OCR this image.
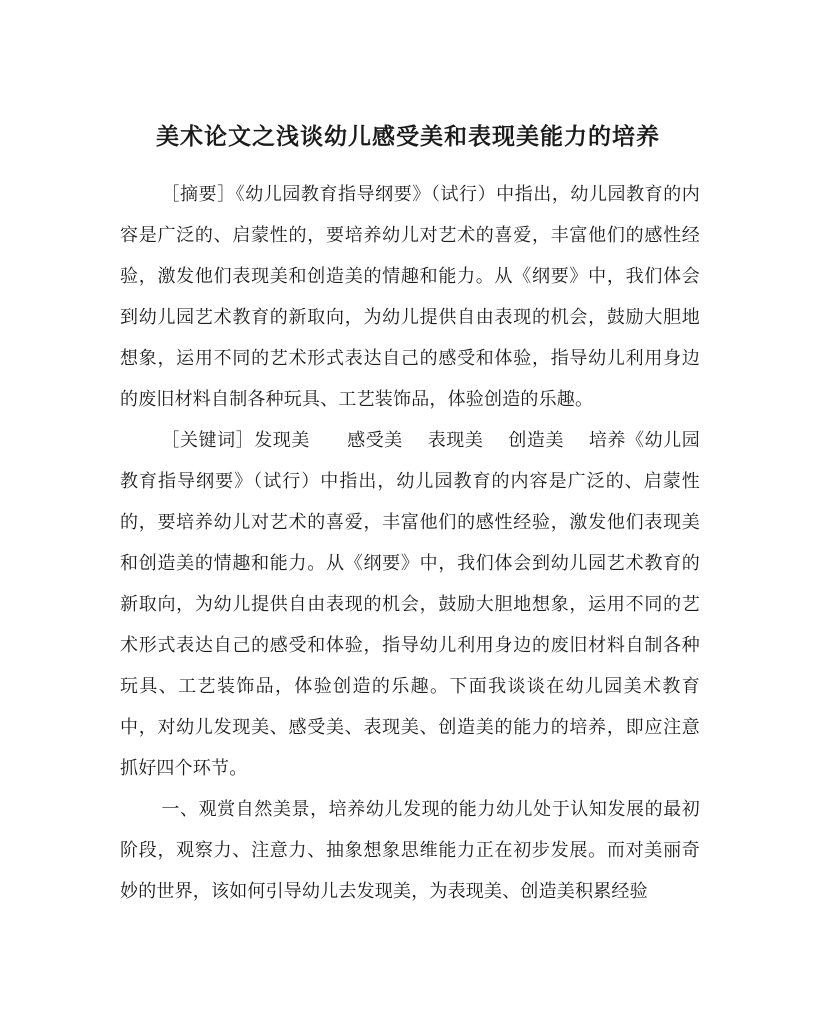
美术论文之浅谈幼儿感受美和表现美能力的培养

［摘要］《幼儿园教育指导纲要》（试行）中指出，幼儿园教育的内容是广泛的、启蒙性的，要培养幼儿对艺术的喜爱，丰富他们的感性经验，激发他们表现美和创造美的情趣和能力。从《纲要》中，我们体会到幼儿园艺术教育的新取向，为幼儿提供自由表现的机会，鼓励大胆地想象，运用不同的艺术形式表达自己的感受和体验，指导幼儿利用身边的废旧材料自制各种玩具、工艺装饰品，体验创造的乐趣。

［关键词］发现美　　感受美　 表现美　 创造美　 培养《幼儿园教育指导纲要》（试行）中指出，幼儿园教育的内容是广泛的、启蒙性的，要培养幼儿对艺术的喜爱，丰富他们的感性经验，激发他们表现美和创造美的情趣和能力。从《纲要》中，我们体会到幼儿园艺术教育的新取向，为幼儿提供自由表现的机会，鼓励大胆地想象，运用不同的艺术形式表达自己的感受和体验，指导幼儿利用身边的废旧材料自制各种玩具、工艺装饰品，体验创造的乐趣。下面我谈谈在幼儿园美术教育中，对幼儿发现美、感受美、表现美、创造美的能力的培养，即应注意抓好四个环节。

一、观赏自然美景，培养幼儿发现的能力幼儿处于认知发展的最初阶段，观察力、注意力、抽象想象思维能力正在初步发展。而对美丽奇妙的世界，该如何引导幼儿去发现美，为表现美、创造美积累经验
